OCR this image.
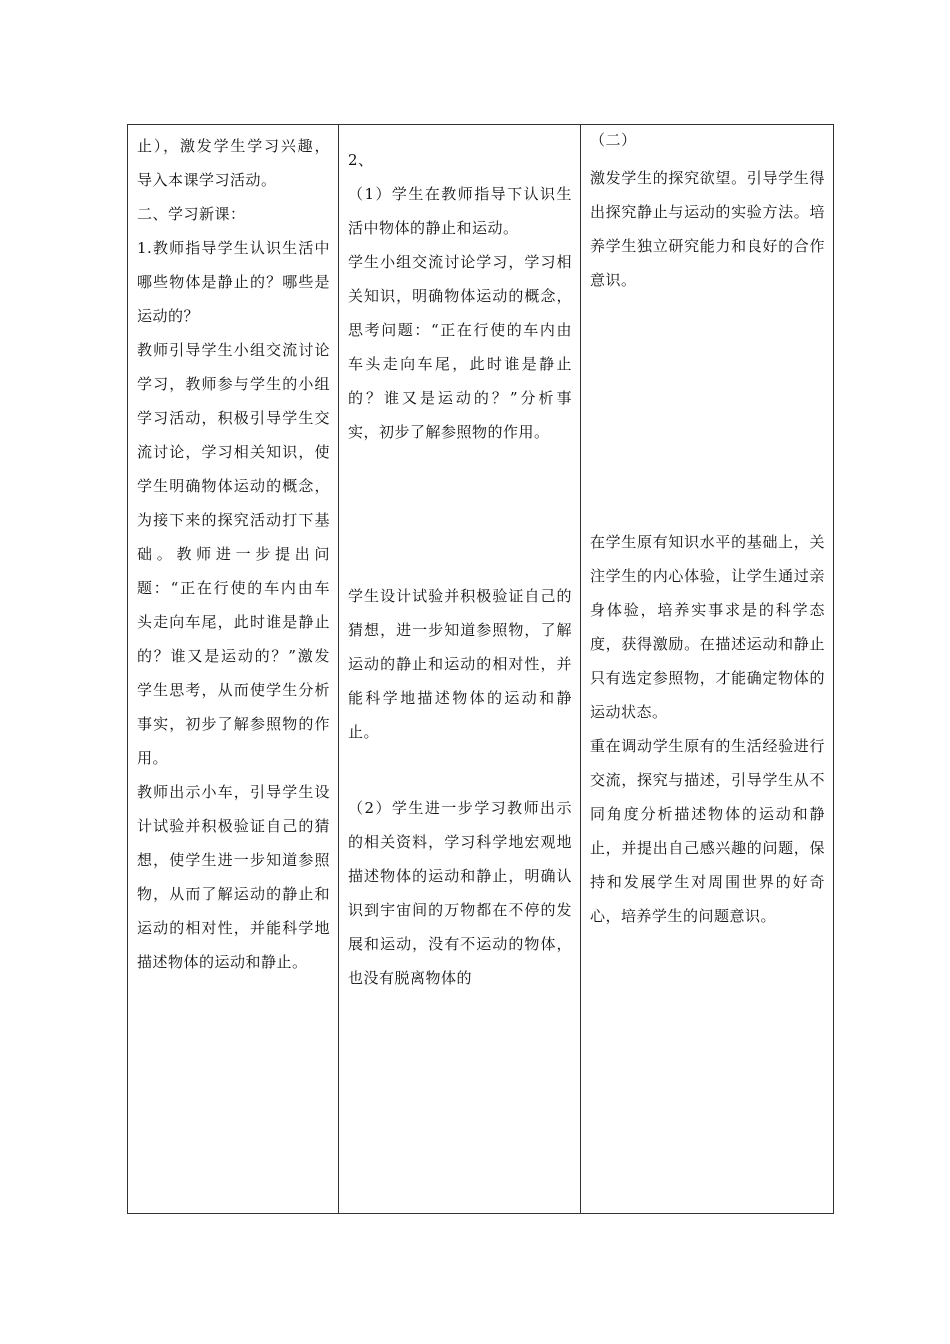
止），激发学生学习兴趣，导入本课学习活动。
二、学习新课：
1.教师指导学生认识生活中哪些物体是静止的？哪些是运动的？
教师引导学生小组交流讨论学习，教师参与学生的小组学习活动，积极引导学生交流讨论，学习相关知识，使学生明确物体运动的概念，为接下来的探究活动打下基础。教师进一步提出问题：“正在行使的车内由车头走向车尾，此时谁是静止的？谁又是运动的？”激发学生思考，从而使学生分析事实，初步了解参照物的作用。
教师出示小车，引导学生设计试验并积极验证自己的猜想，使学生进一步知道参照物，从而了解运动的静止和运动的相对性，并能科学地描述物体的运动和静止。

2、
（1）学生在教师指导下认识生活中物体的静止和运动。
学生小组交流讨论学习，学习相关知识，明确物体运动的概念，思考问题：“正在行使的车内由车头走向车尾，此时谁是静止的？谁又是运动的？”分析事实，初步了解参照物的作用。
学生设计试验并积极验证自己的猜想，进一步知道参照物，了解运动的静止和运动的相对性，并能科学地描述物体的运动和静止。
（2）学生进一步学习教师出示的相关资料，学习科学地宏观地描述物体的运动和静止，明确认识到宇宙间的万物都在不停的发展和运动，没有不运动的物体，也没有脱离物体的

（二）
激发学生的探究欲望。引导学生得出探究静止与运动的实验方法。培养学生独立研究能力和良好的合作意识。
在学生原有知识水平的基础上，关注学生的内心体验，让学生通过亲身体验，培养实事求是的科学态度，获得激励。在描述运动和静止只有选定参照物，才能确定物体的运动状态。
重在调动学生原有的生活经验进行交流，探究与描述，引导学生从不同角度分析描述物体的运动和静止，并提出自己感兴趣的问题，保持和发展学生对周围世界的好奇心，培养学生的问题意识。
